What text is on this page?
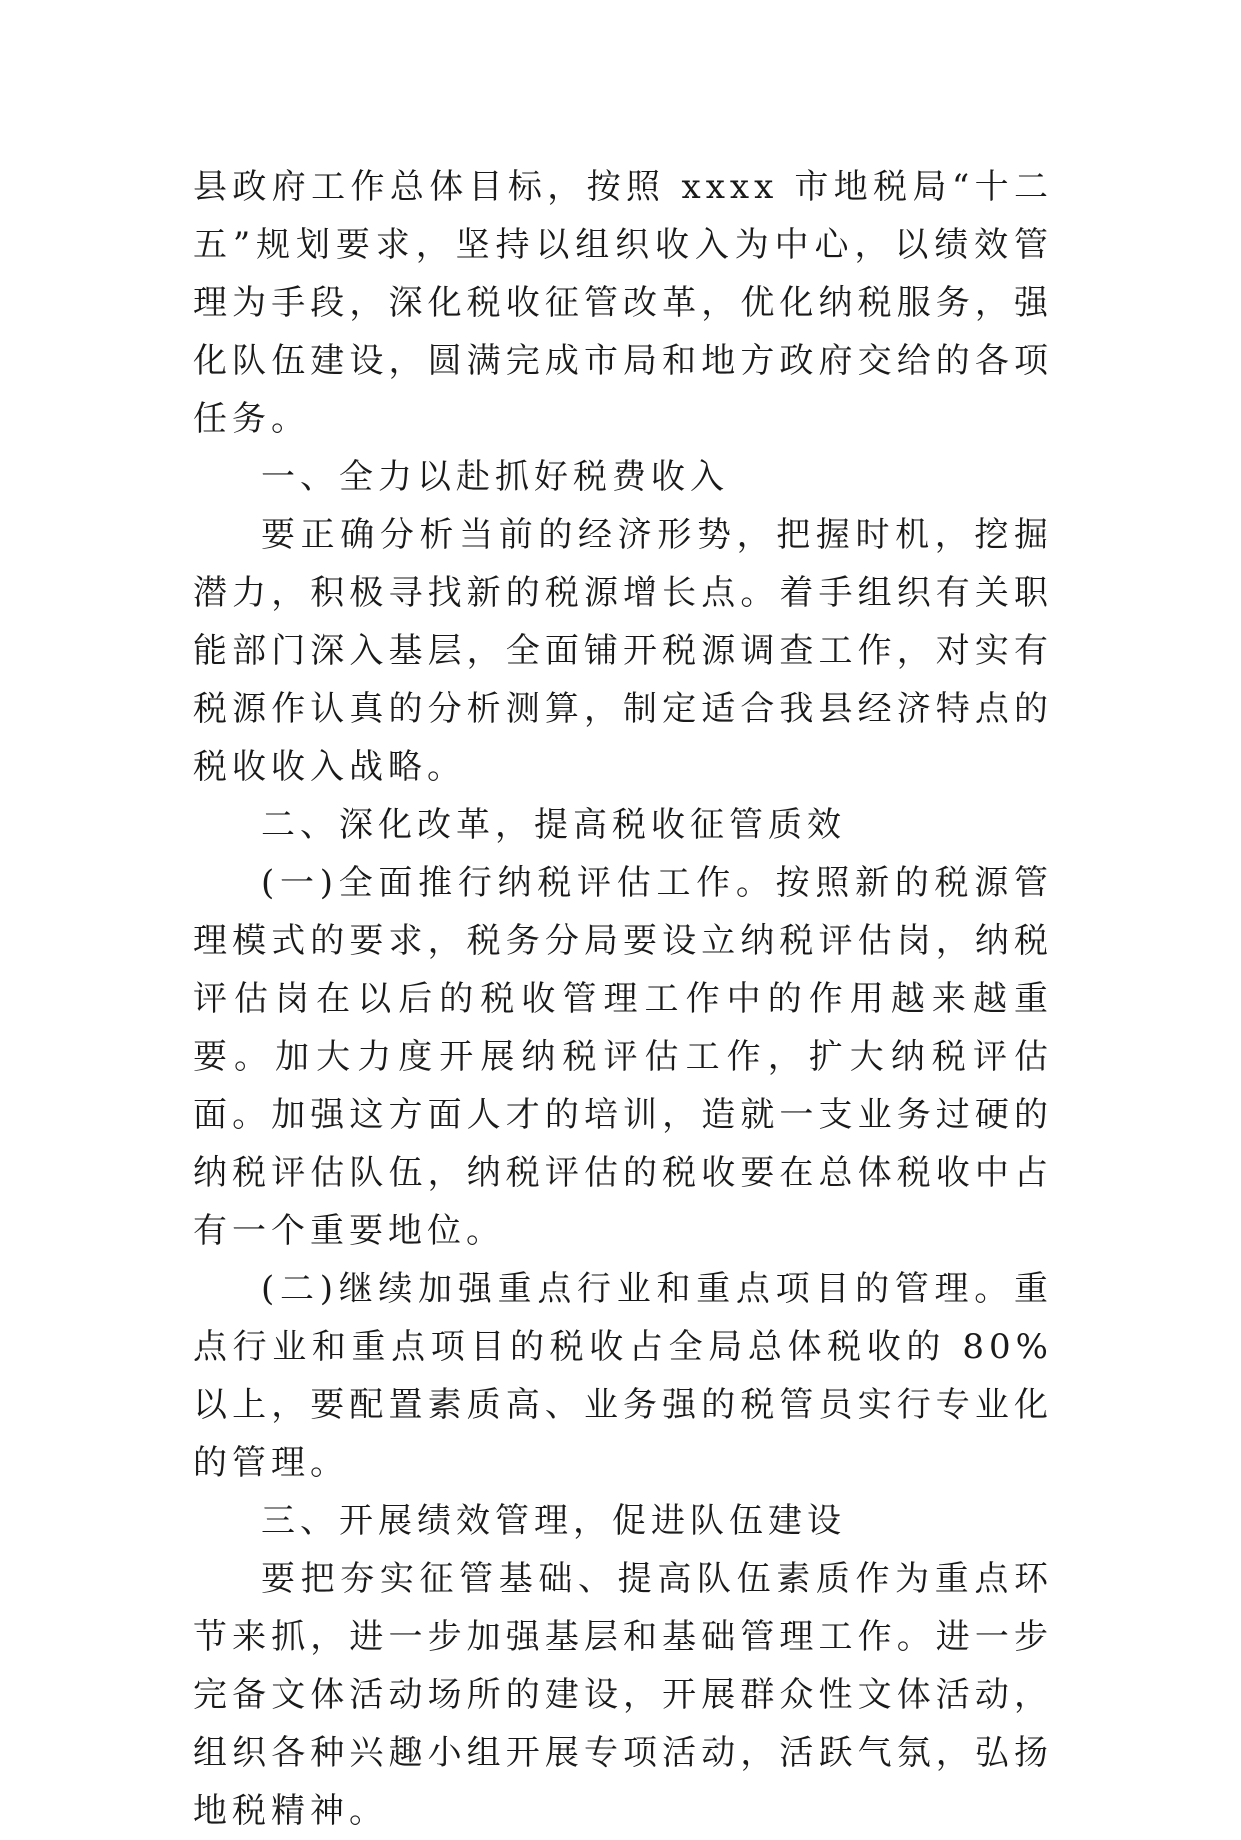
县政府工作总体目标，按照 xxxx 市地税局“十二五”规划要求，坚持以组织收入为中心，以绩效管理为手段，深化税收征管改革，优化纳税服务，强化队伍建设，圆满完成市局和地方政府交给的各项任务。

一、全力以赴抓好税费收入

要正确分析当前的经济形势，把握时机，挖掘潜力，积极寻找新的税源增长点。着手组织有关职能部门深入基层，全面铺开税源调查工作，对实有税源作认真的分析测算，制定适合我县经济特点的税收收入战略。

二、深化改革，提高税收征管质效

(一)全面推行纳税评估工作。按照新的税源管理模式的要求，税务分局要设立纳税评估岗，纳税评估岗在以后的税收管理工作中的作用越来越重要。加大力度开展纳税评估工作，扩大纳税评估面。加强这方面人才的培训，造就一支业务过硬的纳税评估队伍，纳税评估的税收要在总体税收中占有一个重要地位。

(二)继续加强重点行业和重点项目的管理。重点行业和重点项目的税收占全局总体税收的 80%以上，要配置素质高、业务强的税管员实行专业化的管理。

三、开展绩效管理，促进队伍建设

要把夯实征管基础、提高队伍素质作为重点环节来抓，进一步加强基层和基础管理工作。进一步完备文体活动场所的建设，开展群众性文体活动，组织各种兴趣小组开展专项活动，活跃气氛，弘扬地税精神。
